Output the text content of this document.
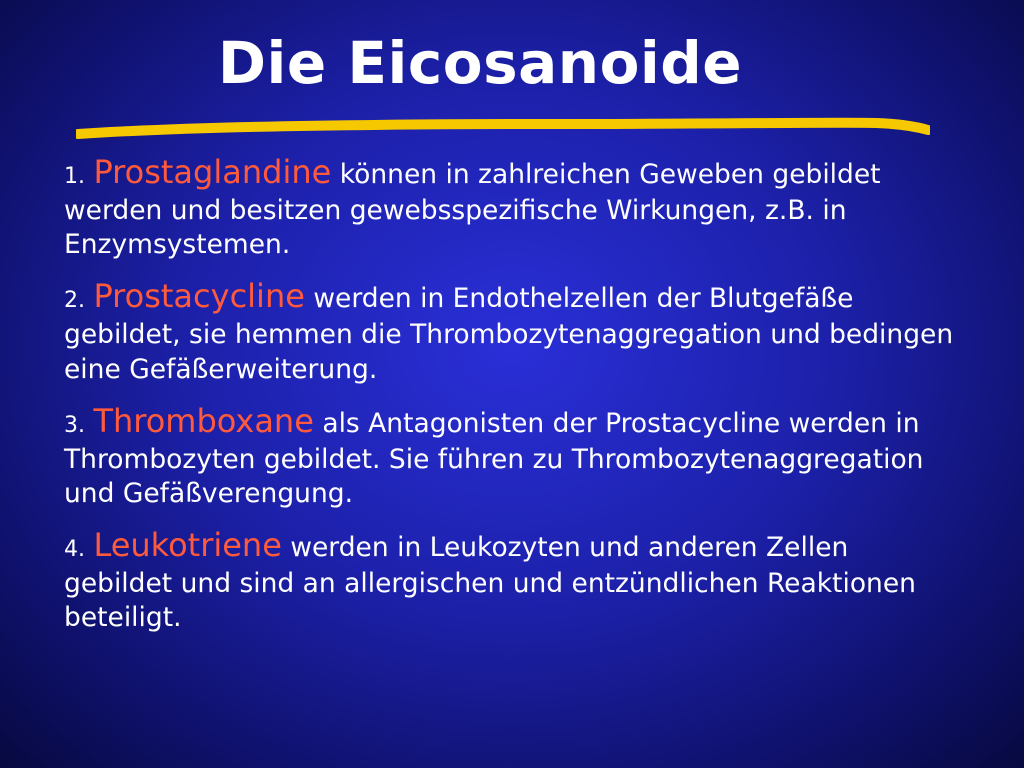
Die Eicosanoide

1. Prostaglandine können in zahlreichen Geweben gebildet werden und besitzen gewebsspezifische Wirkungen, z.B. in Enzymsystemen.

2. Prostacycline werden in Endothelzellen der Blutgefäße gebildet, sie hemmen die Thrombozytenaggregation und bedingen eine Gefäßerweiterung.

3. Thromboxane als Antagonisten der Prostacycline werden in Thrombozyten gebildet. Sie führen zu Thrombozytenaggregation und Gefäßverengung.

4. Leukotriene werden in Leukozyten und anderen Zellen gebildet und sind an allergischen und entzündlichen Reaktionen beteiligt.
